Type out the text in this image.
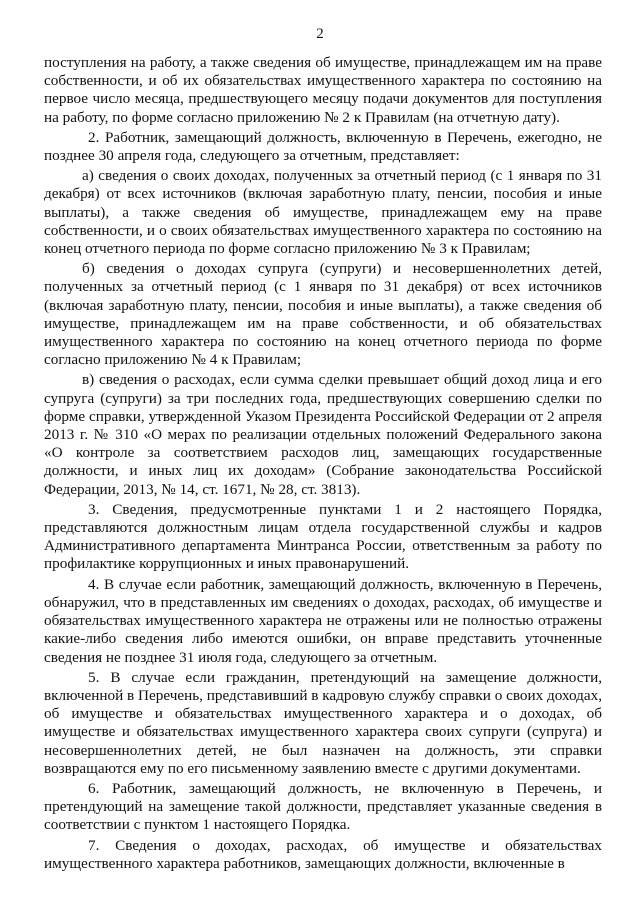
2

поступления на работу, а также сведения об имуществе, принадлежащем им на праве собственности, и об их обязательствах имущественного характера по состоянию на первое число месяца, предшествующего месяцу подачи документов для поступления на работу, по форме согласно приложению № 2 к Правилам (на отчетную дату).

2. Работник, замещающий должность, включенную в Перечень, ежегодно, не позднее 30 апреля года, следующего за отчетным, представляет:

а) сведения о своих доходах, полученных за отчетный период (с 1 января по 31 декабря) от всех источников (включая заработную плату, пенсии, пособия и иные выплаты), а также сведения об имуществе, принадлежащем ему на праве собственности, и о своих обязательствах имущественного характера по состоянию на конец отчетного периода по форме согласно приложению № 3 к Правилам;

б) сведения о доходах супруга (супруги) и несовершеннолетних детей, полученных за отчетный период (с 1 января по 31 декабря) от всех источников (включая заработную плату, пенсии, пособия и иные выплаты), а также сведения об имуществе, принадлежащем им на праве собственности, и об обязательствах имущественного характера по состоянию на конец отчетного периода по форме согласно приложению № 4 к Правилам;

в) сведения о расходах, если сумма сделки превышает общий доход лица и его супруга (супруги) за три последних года, предшествующих совершению сделки по форме справки, утвержденной Указом Президента Российской Федерации от 2 апреля 2013 г. № 310 «О мерах по реализации отдельных положений Федерального закона «О контроле за соответствием расходов лиц, замещающих государственные должности, и иных лиц их доходам» (Собрание законодательства Российской Федерации, 2013, № 14, ст. 1671, № 28, ст. 3813).

3. Сведения, предусмотренные пунктами 1 и 2 настоящего Порядка, представляются должностным лицам отдела государственной службы и кадров Административного департамента Минтранса России, ответственным за работу по профилактике коррупционных и иных правонарушений.

4. В случае если работник, замещающий должность, включенную в Перечень, обнаружил, что в представленных им сведениях о доходах, расходах, об имуществе и обязательствах имущественного характера не отражены или не полностью отражены какие-либо сведения либо имеются ошибки, он вправе представить уточненные сведения не позднее 31 июля года, следующего за отчетным.

5. В случае если гражданин, претендующий на замещение должности, включенной в Перечень, представивший в кадровую службу справки о своих доходах, об имуществе и обязательствах имущественного характера и о доходах, об имуществе и обязательствах имущественного характера своих супруги (супруга) и несовершеннолетних детей, не был назначен на должность, эти справки возвращаются ему по его письменному заявлению вместе с другими документами.

6. Работник, замещающий должность, не включенную в Перечень, и претендующий на замещение такой должности, представляет указанные сведения в соответствии с пунктом 1 настоящего Порядка.

7. Сведения о доходах, расходах, об имуществе и обязательствах имущественного характера работников, замещающих должности, включенные в
